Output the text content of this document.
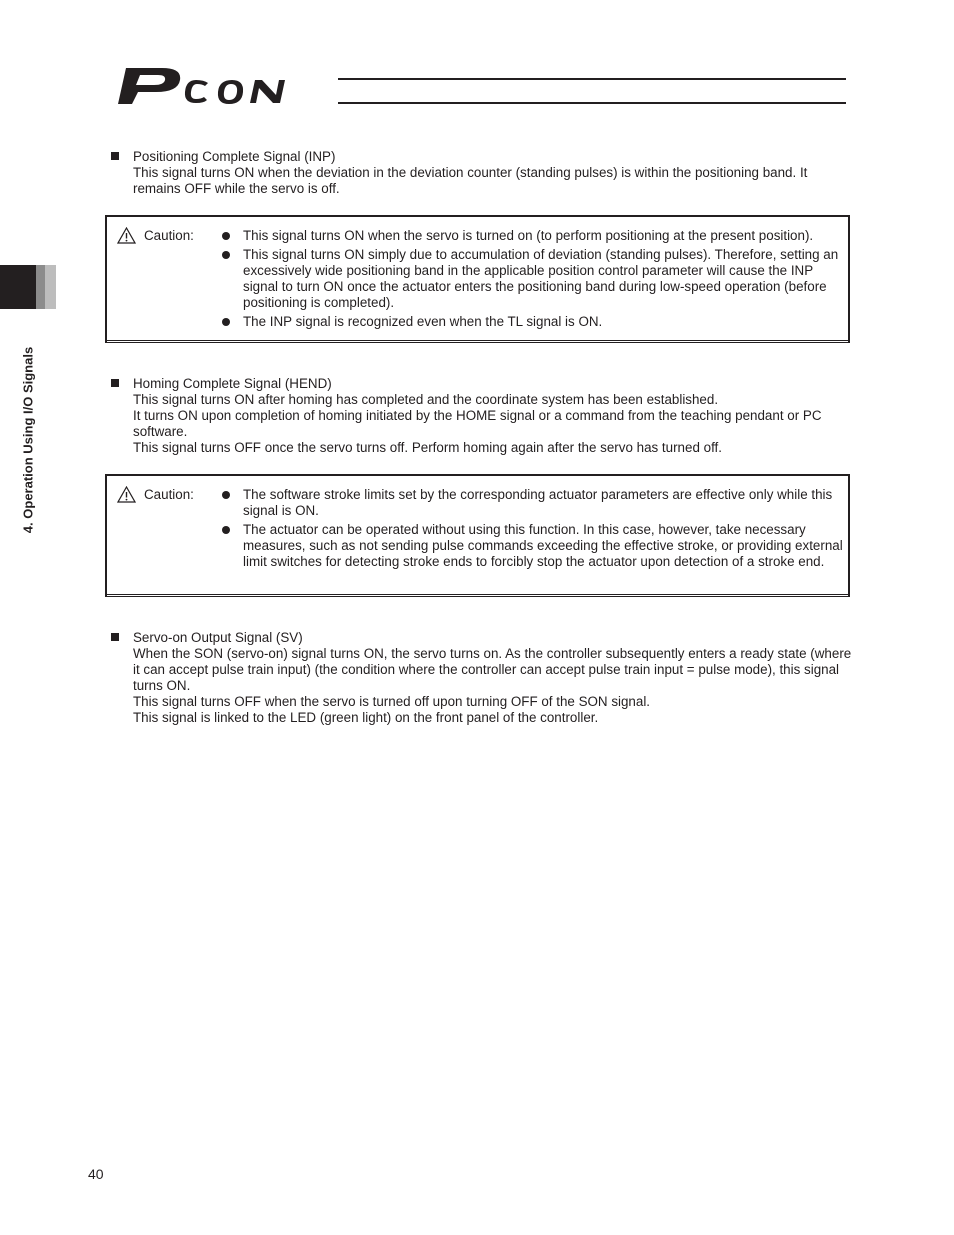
4. Operation Using I/O Signals
Positioning Complete Signal (INP)
This signal turns ON when the deviation in the deviation counter (standing pulses) is within the positioning band. It remains OFF while the servo is off.
Caution:	This signal turns ON when the servo is turned on (to perform positioning at the present position).
This signal turns ON simply due to accumulation of deviation (standing pulses). Therefore, setting an excessively wide positioning band in the applicable position control parameter will cause the INP signal to turn ON once the actuator enters the positioning band during low-speed operation (before positioning is completed).
The INP signal is recognized even when the TL signal is ON.
Homing Complete Signal (HEND)
This signal turns ON after homing has completed and the coordinate system has been established.
It turns ON upon completion of homing initiated by the HOME signal or a command from the teaching pendant or PC software.
This signal turns OFF once the servo turns off. Perform homing again after the servo has turned off.
Caution:	The software stroke limits set by the corresponding actuator parameters are effective only while this signal is ON.
The actuator can be operated without using this function. In this case, however, take necessary measures, such as not sending pulse commands exceeding the effective stroke, or providing external limit switches for detecting stroke ends to forcibly stop the actuator upon detection of a stroke end.
Servo-on Output Signal (SV)
When the SON (servo-on) signal turns ON, the servo turns on. As the controller subsequently enters a ready state (where it can accept pulse train input) (the condition where the controller can accept pulse train input = pulse mode), this signal turns ON.
This signal turns OFF when the servo is turned off upon turning OFF of the SON signal.
This signal is linked to the LED (green light) on the front panel of the controller.
40
